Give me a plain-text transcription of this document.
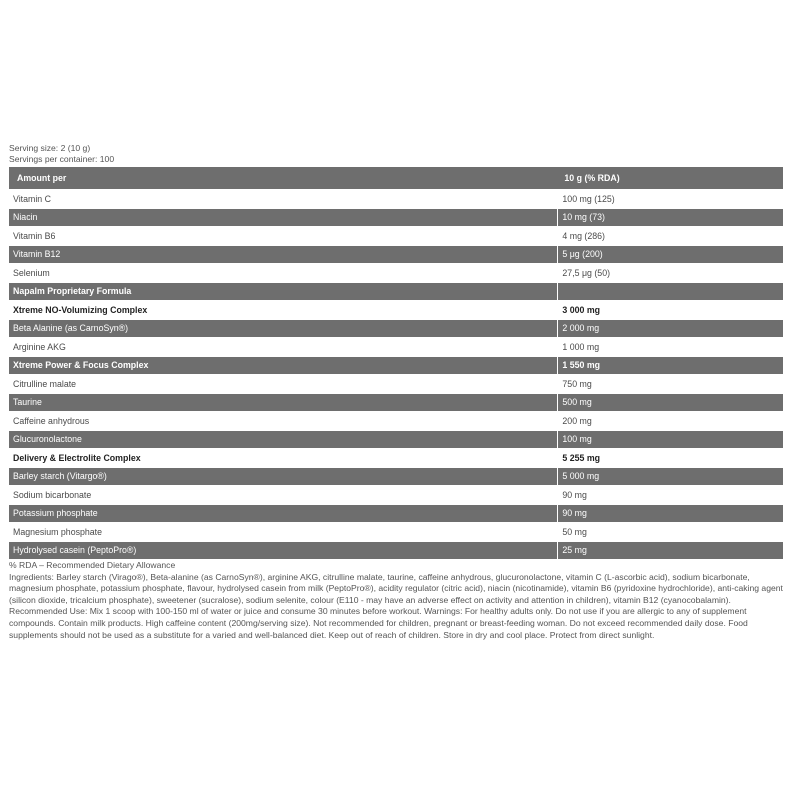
Serving size: 2 (10 g)
Servings per container: 100
Amount per	10 g (% RDA)
Vitamin C	100 mg (125)
Niacin	10 mg (73)
Vitamin B6	4 mg (286)
Vitamin B12	5 μg (200)
Selenium	27,5 μg (50)
Napalm Proprietary Formula	
Xtreme NO-Volumizing Complex	3 000 mg
Beta Alanine (as CarnoSyn®)	2 000 mg
Arginine AKG	1 000 mg
Xtreme Power & Focus Complex	1 550 mg
Citrulline malate	750 mg
Taurine	500 mg
Caffeine anhydrous	200 mg
Glucuronolactone	100 mg
Delivery & Electrolite Complex	5 255 mg
Barley starch (Vitargo®)	5 000 mg
Sodium bicarbonate	90 mg
Potassium phosphate	90 mg
Magnesium phosphate	50 mg
Hydrolysed casein (PeptoPro®)	25 mg

% RDA – Recommended Dietary Allowance

Ingredients: Barley starch (Virago®), Beta-alanine (as CarnoSyn®), arginine AKG, citrulline malate, taurine, caffeine anhydrous, glucuronolactone, vitamin C (L-ascorbic acid), sodium bicarbonate, magnesium phosphate, potassium phosphate, flavour, hydrolysed casein from milk (PeptoPro®), acidity regulator (citric acid), niacin (nicotinamide), vitamin B6 (pyridoxine hydrochloride), anti-caking agent (silicon dioxide, tricalcium phosphate), sweetener (sucralose), sodium selenite, colour (E110 - may have an adverse effect on activity and attention in children), vitamin B12 (cyanocobalamin). Recommended Use: Mix 1 scoop with 100-150 ml of water or juice and consume 30 minutes before workout. Warnings: For healthy adults only. Do not use if you are allergic to any of supplement compounds. Contain milk products. High caffeine content (200mg/serving size). Not recommended for children, pregnant or breast-feeding woman. Do not exceed recommended daily dose. Food supplements should not be used as a substitute for a varied and well-balanced diet. Keep out of reach of children. Store in dry and cool place. Protect from direct sunlight.
